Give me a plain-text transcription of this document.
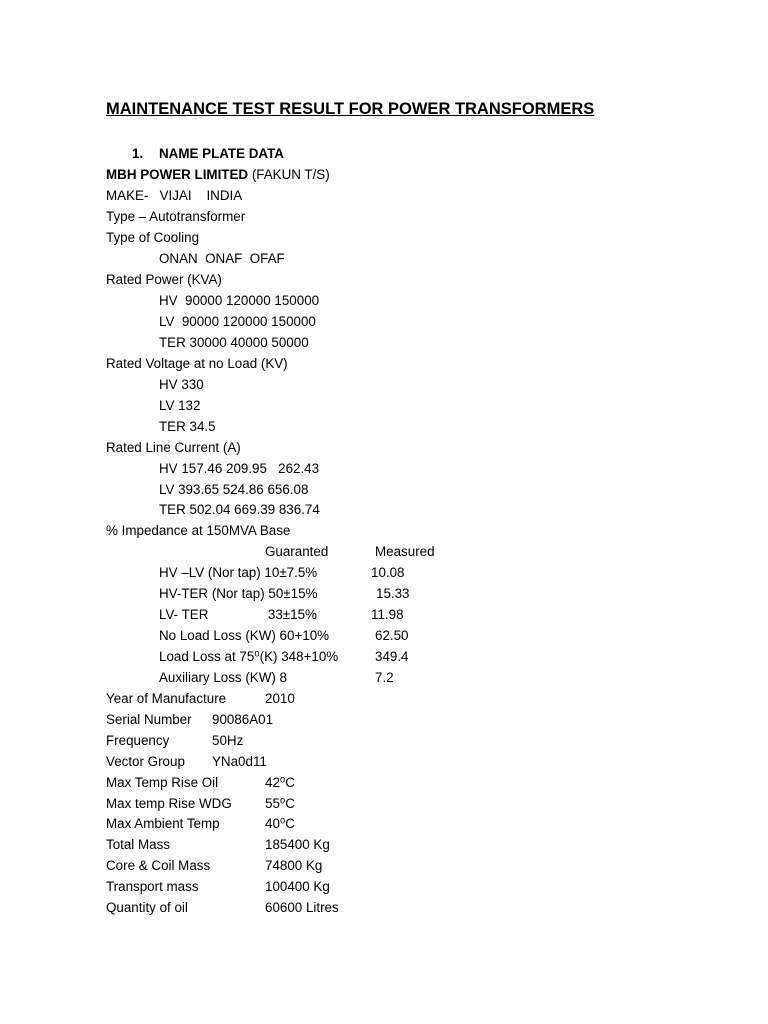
MAINTENANCE TEST RESULT FOR POWER TRANSFORMERS
1. NAME PLATE DATA
MBH POWER LIMITED (FAKUN T/S)
MAKE-   VIJAI    INDIA
Type – Autotransformer
Type of Cooling
ONAN  ONAF  OFAF
Rated Power (KVA)
HV  90000 120000 150000
LV  90000 120000 150000
TER 30000 40000 50000
Rated Voltage at no Load (KV)
HV 330
LV 132
TER 34.5
Rated Line Current (A)
HV 157.46 209.95   262.43
LV 393.65 524.86 656.08
TER 502.04 669.39 836.74
% Impedance at 150MVA Base
Guaranted	Measured
HV –LV (Nor tap) 10±7.5%	10.08
HV-TER (Nor tap) 50±15%	15.33
LV- TER                33±15%	11.98
No Load Loss (KW) 60+10%	62.50
Load Loss at 75⁰(K) 348+10%	349.4
Auxiliary Loss (KW) 8	7.2
Year of Manufacture	2010
Serial Number 90086A01
Frequency	50Hz
Vector Group YNa0d11
Max Temp Rise Oil	42⁰C
Max temp Rise WDG 55⁰C
Max Ambient Temp	40⁰C
Total Mass	185400 Kg
Core & Coil Mass	74800 Kg
Transport mass	100400 Kg
Quantity of oil	60600 Litres
